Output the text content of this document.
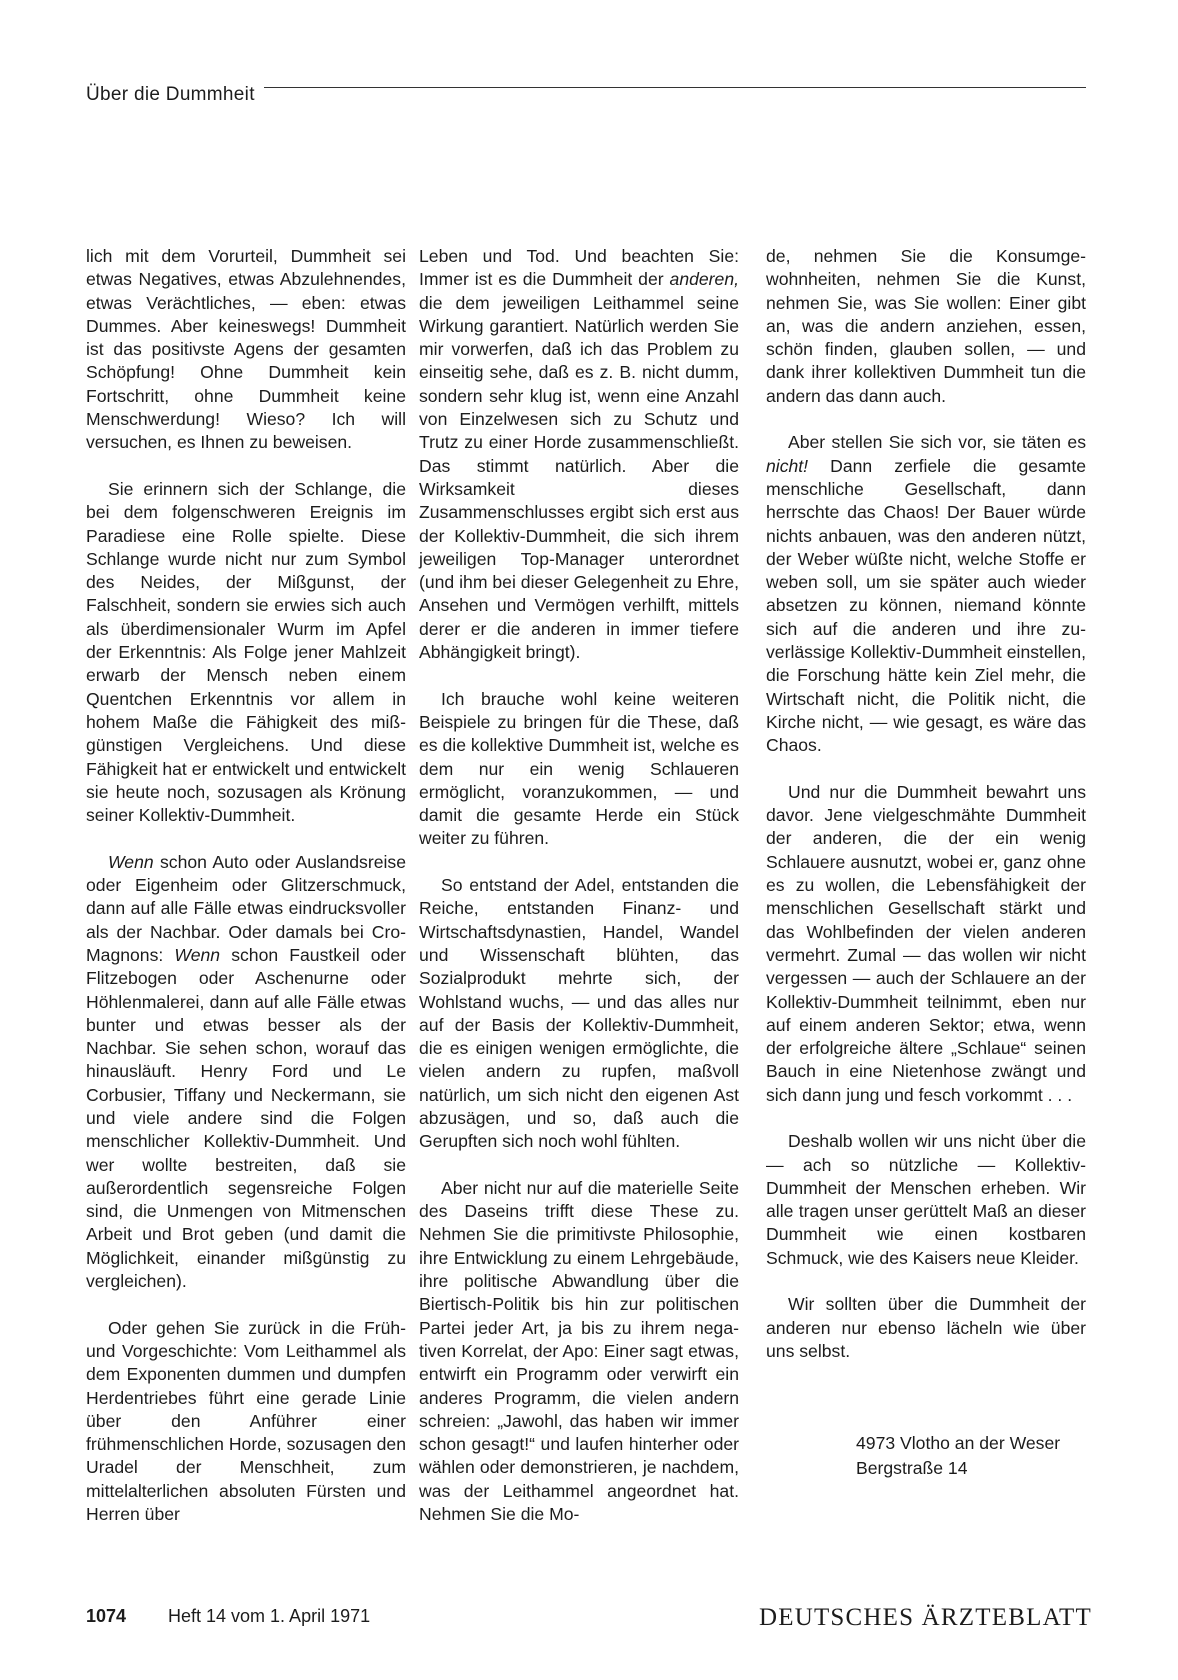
Über die Dummheit

lich mit dem Vorurteil, Dummheit sei etwas Negatives, etwas Abzulehnendes, etwas Verächtliches, — eben: etwas Dummes. Aber keineswegs! Dummheit ist das positivste Agens der gesamten Schöpfung! Ohne Dummheit kein Fortschritt, ohne Dummheit keine Menschwerdung! Wieso? Ich will versuchen, es Ihnen zu beweisen.

Sie erinnern sich der Schlange, die bei dem folgenschweren Ereignis im Paradiese eine Rolle spielte. Diese Schlange wurde nicht nur zum Symbol des Neides, der Mißgunst, der Falschheit, sondern sie erwies sich auch als überdimensionaler Wurm im Apfel der Erkenntnis: Als Folge jener Mahlzeit erwarb der Mensch neben einem Quentchen Erkenntnis vor allem in hohem Maße die Fähigkeit des mißgünstigen Vergleichens. Und diese Fähigkeit hat er entwickelt und entwickelt sie heute noch, sozusagen als Krönung seiner Kollektiv-Dummheit.

Wenn schon Auto oder Auslandsreise oder Eigenheim oder Glitzerschmuck, dann auf alle Fälle etwas eindrucksvoller als der Nachbar. Oder damals bei Cro-Magnons: Wenn schon Faustkeil oder Flitzebogen oder Aschenurne oder Höhlenmalerei, dann auf alle Fälle etwas bunter und etwas besser als der Nachbar. Sie sehen schon, worauf das hinausläuft. Henry Ford und Le Corbusier, Tiffany und Neckermann, sie und viele andere sind die Folgen menschlicher Kollektiv-Dummheit. Und wer wollte bestreiten, daß sie außerordentlich segensreiche Folgen sind, die Unmengen von Mitmenschen Arbeit und Brot geben (und damit die Möglichkeit, einander mißgünstig zu vergleichen).

Oder gehen Sie zurück in die Früh- und Vorgeschichte: Vom Leithammel als dem Exponenten dummen und dumpfen Herdentriebes führt eine gerade Linie über den Anführer einer frühmenschlichen Horde, sozusagen den Uradel der Menschheit, zum mittelalterlichen absoluten Fürsten und Herren über

Leben und Tod. Und beachten Sie: Immer ist es die Dummheit der anderen, die dem jeweiligen Leithammel seine Wirkung garantiert. Natürlich werden Sie mir vorwerfen, daß ich das Problem zu einseitig sehe, daß es z. B. nicht dumm, sondern sehr klug ist, wenn eine Anzahl von Einzelwesen sich zu Schutz und Trutz zu einer Horde zusammenschließt. Das stimmt natürlich. Aber die Wirksamkeit dieses Zusammenschlusses ergibt sich erst aus der Kollektiv-Dummheit, die sich ihrem jeweiligen Top-Manager unterordnet (und ihm bei dieser Gelegenheit zu Ehre, Ansehen und Vermögen verhilft, mittels derer er die anderen in immer tiefere Abhängigkeit bringt).

Ich brauche wohl keine weiteren Beispiele zu bringen für die These, daß es die kollektive Dummheit ist, welche es dem nur ein wenig Schlaueren ermöglicht, voranzukommen, — und damit die gesamte Herde ein Stück weiter zu führen.

So entstand der Adel, entstanden die Reiche, entstanden Finanz- und Wirtschaftsdynastien, Handel, Wandel und Wissenschaft blühten, das Sozialprodukt mehrte sich, der Wohlstand wuchs, — und das alles nur auf der Basis der Kollektiv-Dummheit, die es einigen wenigen ermöglichte, die vielen andern zu rupfen, maßvoll natürlich, um sich nicht den eigenen Ast abzusägen, und so, daß auch die Gerupften sich noch wohl fühlten.

Aber nicht nur auf die materielle Seite des Daseins trifft diese These zu. Nehmen Sie die primitivste Philosophie, ihre Entwicklung zu einem Lehrgebäude, ihre politische Abwandlung über die Biertisch-Politik bis hin zur politischen Partei jeder Art, ja bis zu ihrem negativen Korrelat, der Apo: Einer sagt etwas, entwirft ein Programm oder verwirft ein anderes Programm, die vielen andern schreien: „Jawohl, das haben wir immer schon gesagt!“ und laufen hinterher oder wählen oder demonstrieren, je nachdem, was der Leithammel angeordnet hat. Nehmen Sie die Mo-

de, nehmen Sie die Konsumgewohnheiten, nehmen Sie die Kunst, nehmen Sie, was Sie wollen: Einer gibt an, was die andern anziehen, essen, schön finden, glauben sollen, — und dank ihrer kollektiven Dummheit tun die andern das dann auch.

Aber stellen Sie sich vor, sie täten es nicht! Dann zerfiele die gesamte menschliche Gesellschaft, dann herrschte das Chaos! Der Bauer würde nichts anbauen, was den anderen nützt, der Weber wüßte nicht, welche Stoffe er weben soll, um sie später auch wieder absetzen zu können, niemand könnte sich auf die anderen und ihre zuverlässige Kollektiv-Dummheit einstellen, die Forschung hätte kein Ziel mehr, die Wirtschaft nicht, die Politik nicht, die Kirche nicht, — wie gesagt, es wäre das Chaos.

Und nur die Dummheit bewahrt uns davor. Jene vielgeschmähte Dummheit der anderen, die der ein wenig Schlauere ausnutzt, wobei er, ganz ohne es zu wollen, die Lebensfähigkeit der menschlichen Gesellschaft stärkt und das Wohlbefinden der vielen anderen vermehrt. Zumal — das wollen wir nicht vergessen — auch der Schlauere an der Kollektiv-Dummheit teilnimmt, eben nur auf einem anderen Sektor; etwa, wenn der erfolgreiche ältere „Schlaue“ seinen Bauch in eine Nietenhose zwängt und sich dann jung und fesch vorkommt . . .

Deshalb wollen wir uns nicht über die — ach so nützliche — Kollektiv-Dummheit der Menschen erheben. Wir alle tragen unser gerüttelt Maß an dieser Dummheit wie einen kostbaren Schmuck, wie des Kaisers neue Kleider.

Wir sollten über die Dummheit der anderen nur ebenso lächeln wie über uns selbst.

4973 Vlotho an der Weser
Bergstraße 14

1074 Heft 14 vom 1. April 1971	DEUTSCHES ÄRZTEBLATT
